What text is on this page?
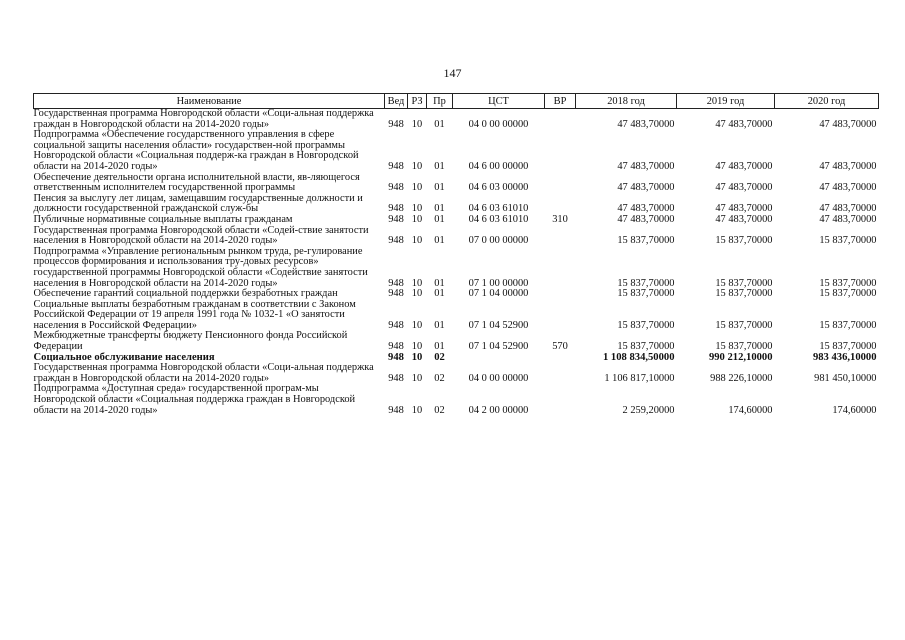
147
Наименование	Вед	РЗ	Пр	ЦСТ	ВР	2018 год	2019 год	2020 год
Государственная программа Новгородской области «Соци-альная поддержка граждан в Новгородской области на 2014-2020 годы»	948	10	01	04 0 00 00000		47 483,70000	47 483,70000	47 483,70000
Подпрограмма «Обеспечение государственного управления в сфере социальной защиты населения области» государствен-ной программы Новгородской области «Социальная поддерж-ка граждан в Новгородской области на 2014-2020 годы»	948	10	01	04 6 00 00000		47 483,70000	47 483,70000	47 483,70000
Обеспечение деятельности органа исполнительной власти, яв-ляющегося ответственным исполнителем государственной программы	948	10	01	04 6 03 00000		47 483,70000	47 483,70000	47 483,70000
Пенсия за выслугу лет лицам, замещавшим государственные должности и должности государственной гражданской служ-бы	948	10	01	04 6 03 61010		47 483,70000	47 483,70000	47 483,70000
Публичные нормативные социальные выплаты гражданам	948	10	01	04 6 03 61010	310	47 483,70000	47 483,70000	47 483,70000
Государственная программа Новгородской области «Содей-ствие занятости населения в Новгородской области на 2014-2020 годы»	948	10	01	07 0 00 00000		15 837,70000	15 837,70000	15 837,70000
Подпрограмма «Управление региональным рынком труда, ре-гулирование процессов формирования и использования тру-довых ресурсов» государственной программы Новгородской области «Содействие занятости населения в Новгородской области на 2014-2020 годы»	948	10	01	07 1 00 00000		15 837,70000	15 837,70000	15 837,70000
Обеспечение гарантий социальной поддержки безработных граждан	948	10	01	07 1 04 00000		15 837,70000	15 837,70000	15 837,70000
Социальные выплаты безработным гражданам в соответствии с Законом Российской Федерации от 19 апреля 1991 года № 1032-1 «О занятости населения в Российской Федерации»	948	10	01	07 1 04 52900		15 837,70000	15 837,70000	15 837,70000
Межбюджетные трансферты бюджету Пенсионного фонда Российской Федерации	948	10	01	07 1 04 52900	570	15 837,70000	15 837,70000	15 837,70000
Социальное обслуживание населения	948	10	02			1 108 834,50000	990 212,10000	983 436,10000
Государственная программа Новгородской области «Соци-альная поддержка граждан в Новгородской области на 2014-2020 годы»	948	10	02	04 0 00 00000		1 106 817,10000	988 226,10000	981 450,10000
Подпрограмма «Доступная среда» государственной програм-мы Новгородской области «Социальная поддержка граждан в Новгородской области на 2014-2020 годы»	948	10	02	04 2 00 00000		2 259,20000	174,60000	174,60000
